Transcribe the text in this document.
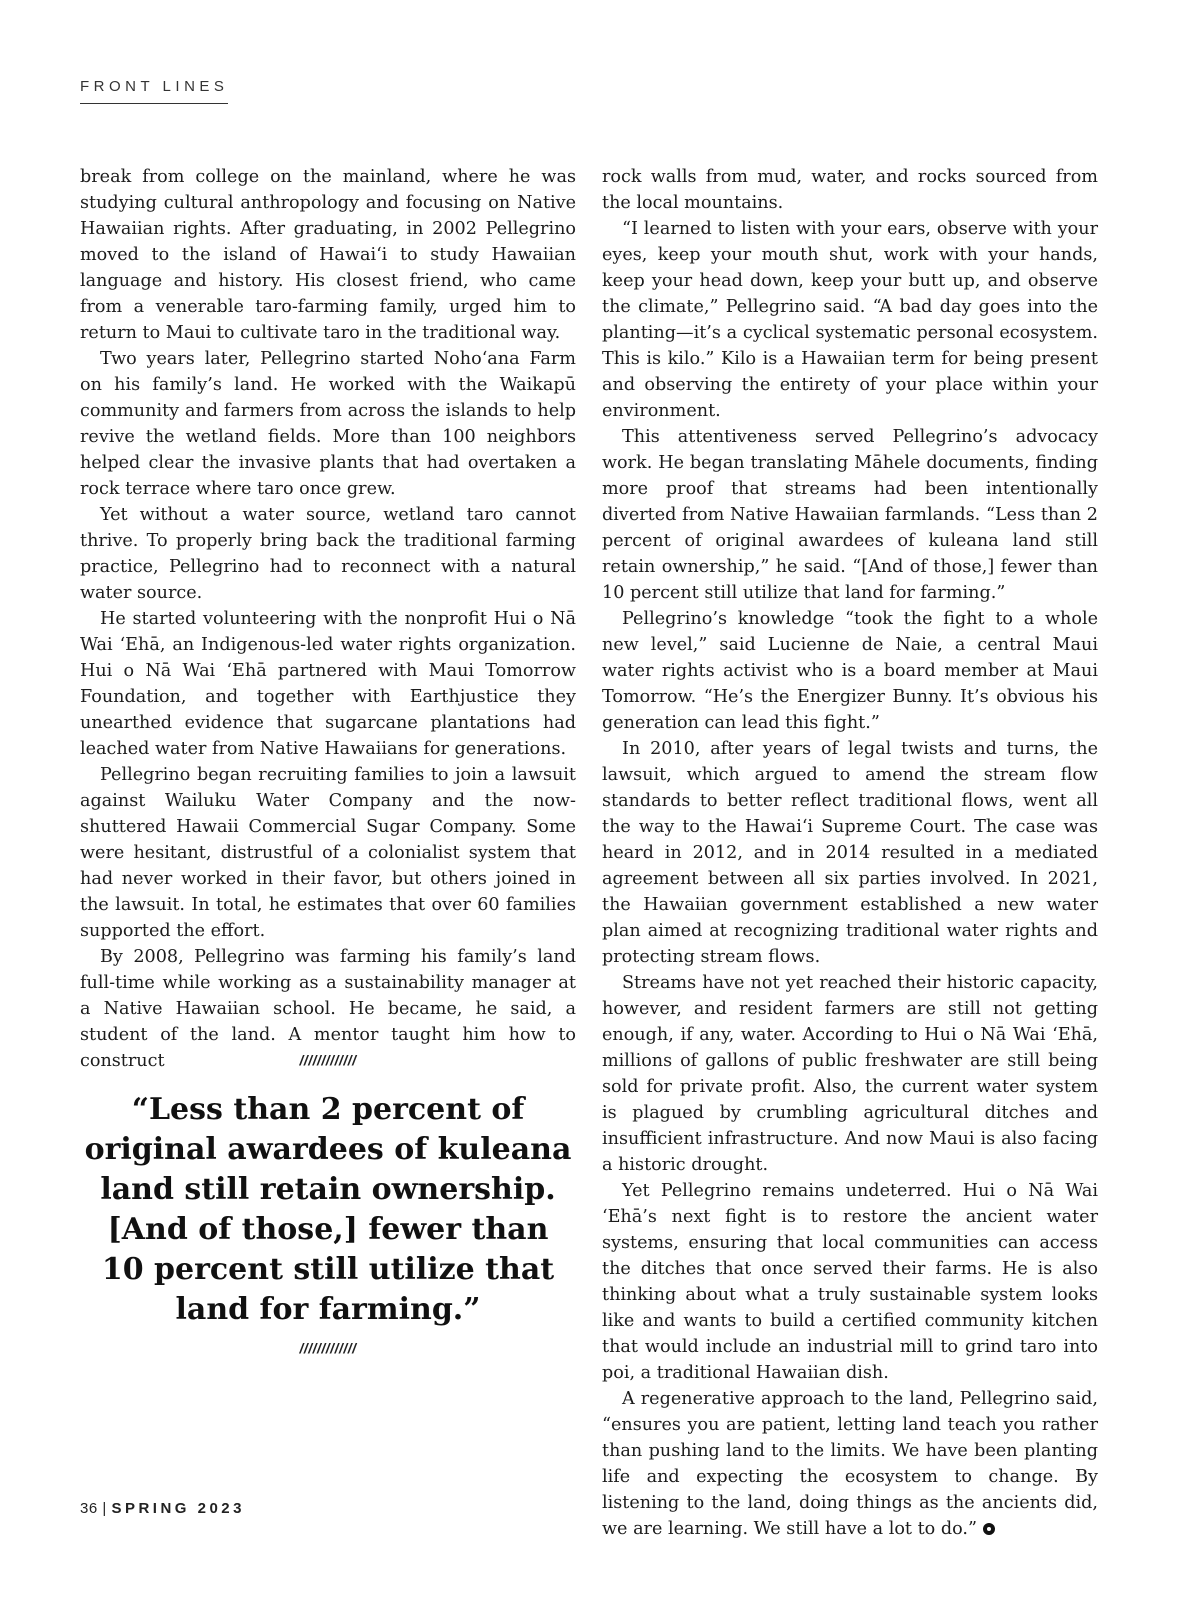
FRONT LINES

break from college on the mainland, where he was studying cultural anthropology and focusing on Native Hawaiian rights. After graduating, in 2002 Pellegrino moved to the island of Hawai‘i to study Hawaiian language and history. His closest friend, who came from a venerable taro-farming family, urged him to return to Maui to cultivate taro in the traditional way.

Two years later, Pellegrino started Noho‘ana Farm on his family’s land. He worked with the Waikapū community and farmers from across the islands to help revive the wetland fields. More than 100 neighbors helped clear the invasive plants that had overtaken a rock terrace where taro once grew.

Yet without a water source, wetland taro cannot thrive. To properly bring back the traditional farming practice, Pellegrino had to reconnect with a natural water source.

He started volunteering with the nonprofit Hui o Nā Wai ‘Ehā, an Indigenous-led water rights organization. Hui o Nā Wai ‘Ehā partnered with Maui Tomorrow Foundation, and together with Earthjustice they unearthed evidence that sugarcane plantations had leached water from Native Hawaiians for generations.

Pellegrino began recruiting families to join a lawsuit against Wailuku Water Company and the now-shuttered Hawaii Commercial Sugar Company. Some were hesitant, distrustful of a colonialist system that had never worked in their favor, but others joined in the lawsuit. In total, he estimates that over 60 families supported the effort.

By 2008, Pellegrino was farming his family’s land full-time while working as a sustainability manager at a Native Hawaiian school. He became, he said, a student of the land. A mentor taught him how to construct	/////////////
“Less than 2 percent of
original awardees of kuleana
land still retain ownership.
[And of those,] fewer than
10 percent still utilize that
land for farming.”
/////////////

rock walls from mud, water, and rocks sourced from the local mountains.

“I learned to listen with your ears, observe with your eyes, keep your mouth shut, work with your hands, keep your head down, keep your butt up, and observe the climate,” Pellegrino said. “A bad day goes into the planting—it’s a cyclical systematic personal ecosystem. This is kilo.” Kilo is a Hawaiian term for being present and observing the entirety of your place within your environment.

This attentiveness served Pellegrino’s advocacy work. He began translating Māhele documents, finding more proof that streams had been intentionally diverted from Native Hawaiian farmlands. “Less than 2 percent of original awardees of kuleana land still retain ownership,” he said. “[And of those,] fewer than 10 percent still utilize that land for farming.”

Pellegrino’s knowledge “took the fight to a whole new level,” said Lucienne de Naie, a central Maui water rights activist who is a board member at Maui Tomorrow. “He’s the Energizer Bunny. It’s obvious his generation can lead this fight.”

In 2010, after years of legal twists and turns, the lawsuit, which argued to amend the stream flow standards to better reflect traditional flows, went all the way to the Hawai‘i Supreme Court. The case was heard in 2012, and in 2014 resulted in a mediated agreement between all six parties involved. In 2021, the Hawaiian government established a new water plan aimed at recognizing traditional water rights and protecting stream flows.

Streams have not yet reached their historic capacity, however, and resident farmers are still not getting enough, if any, water. According to Hui o Nā Wai ‘Ehā, millions of gallons of public freshwater are still being sold for private profit. Also, the current water system is plagued by crumbling agricultural ditches and insufficient infrastructure. And now Maui is also facing a historic drought.

Yet Pellegrino remains undeterred. Hui o Nā Wai ‘Ehā’s next fight is to restore the ancient water systems, ensuring that local communities can access the ditches that once served their farms. He is also thinking about what a truly sustainable system looks like and wants to build a certified community kitchen that would include an industrial mill to grind taro into poi, a traditional Hawaiian dish.

A regenerative approach to the land, Pellegrino said, “ensures you are patient, letting land teach you rather than pushing land to the limits. We have been planting life and expecting the ecosystem to change. By listening to the land, doing things as the ancients did, we are learning. We still have a lot to do.”

36 | SPRING 2023
